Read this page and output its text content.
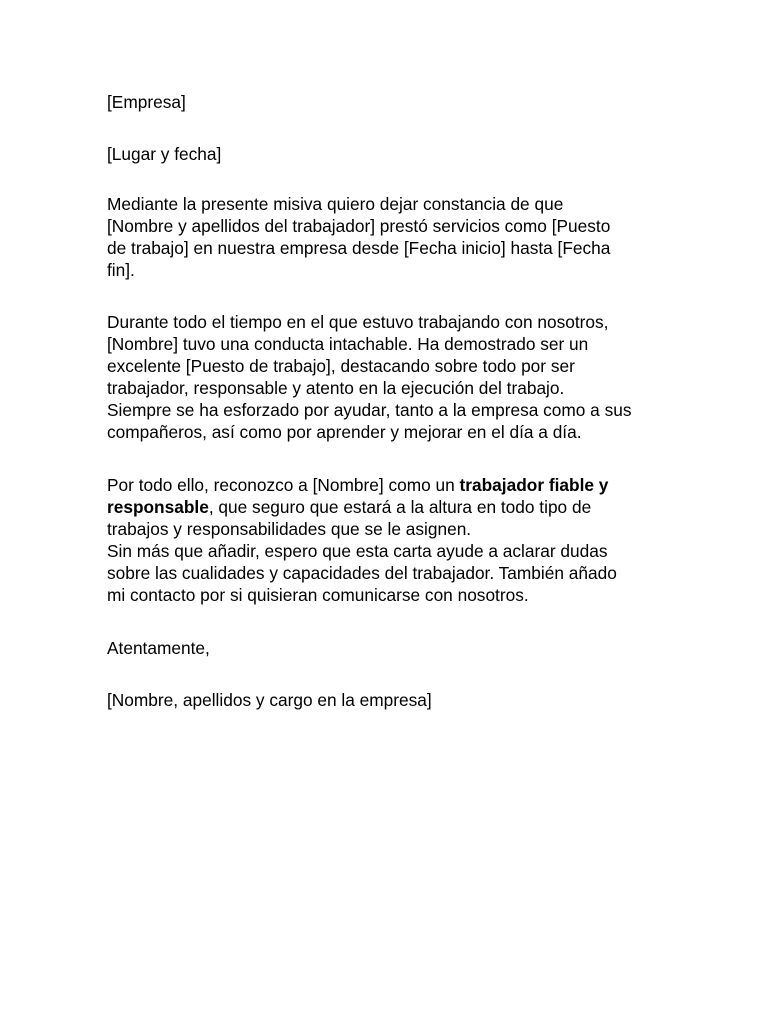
[Empresa]

[Lugar y fecha]

Mediante la presente misiva quiero dejar constancia de que
[Nombre y apellidos del trabajador] prestó servicios como [Puesto
de trabajo] en nuestra empresa desde [Fecha inicio] hasta [Fecha
fin].

Durante todo el tiempo en el que estuvo trabajando con nosotros,
[Nombre] tuvo una conducta intachable. Ha demostrado ser un
excelente [Puesto de trabajo], destacando sobre todo por ser
trabajador, responsable y atento en la ejecución del trabajo.
Siempre se ha esforzado por ayudar, tanto a la empresa como a sus
compañeros, así como por aprender y mejorar en el día a día.

Por todo ello, reconozco a [Nombre] como un trabajador fiable y
responsable, que seguro que estará a la altura en todo tipo de
trabajos y responsabilidades que se le asignen.
Sin más que añadir, espero que esta carta ayude a aclarar dudas
sobre las cualidades y capacidades del trabajador. También añado
mi contacto por si quisieran comunicarse con nosotros.

Atentamente,

[Nombre, apellidos y cargo en la empresa]
